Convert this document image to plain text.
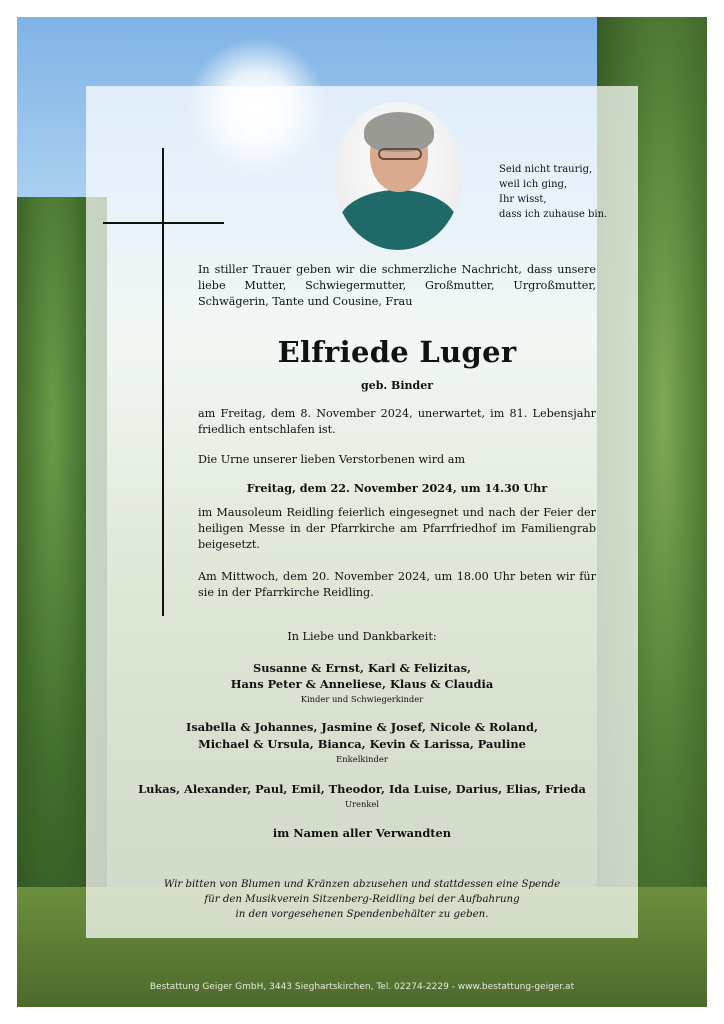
Seid nicht traurig,
weil ich ging,
Ihr wisst,
dass ich zuhause bin.
In stiller Trauer geben wir die schmerzliche Nachricht, dass unsere liebe Mutter, Schwiegermutter, Großmutter, Urgroßmutter, Schwägerin, Tante und Cousine, Frau
Elfriede Luger
geb. Binder
am Freitag, dem 8. November 2024, unerwartet, im 81. Lebensjahr friedlich entschlafen ist.
Die Urne unserer lieben Verstorbenen wird am
Freitag, dem 22. November 2024, um 14.30 Uhr
im Mausoleum Reidling feierlich eingesegnet und nach der Feier der heiligen Messe in der Pfarrkirche am Pfarrfriedhof im Familiengrab beigesetzt.
Am Mittwoch, dem 20. November 2024, um 18.00 Uhr beten wir für sie in der Pfarrkirche Reidling.
In Liebe und Dankbarkeit:
Susanne & Ernst, Karl & Felizitas,
Hans Peter & Anneliese, Klaus & Claudia
Kinder und Schwiegerkinder
Isabella & Johannes, Jasmine & Josef, Nicole & Roland,
Michael & Ursula, Bianca, Kevin & Larissa, Pauline
Enkelkinder
Lukas, Alexander, Paul, Emil, Theodor, Ida Luise, Darius, Elias, Frieda
Urenkel
im Namen aller Verwandten
Wir bitten von Blumen und Kränzen abzusehen und stattdessen eine Spende
für den Musikverein Sitzenberg-Reidling bei der Aufbahrung
in den vorgesehenen Spendenbehälter zu geben.
Bestattung Geiger GmbH, 3443 Sieghartskirchen, Tel. 02274-2229 - www.bestattung-geiger.at
